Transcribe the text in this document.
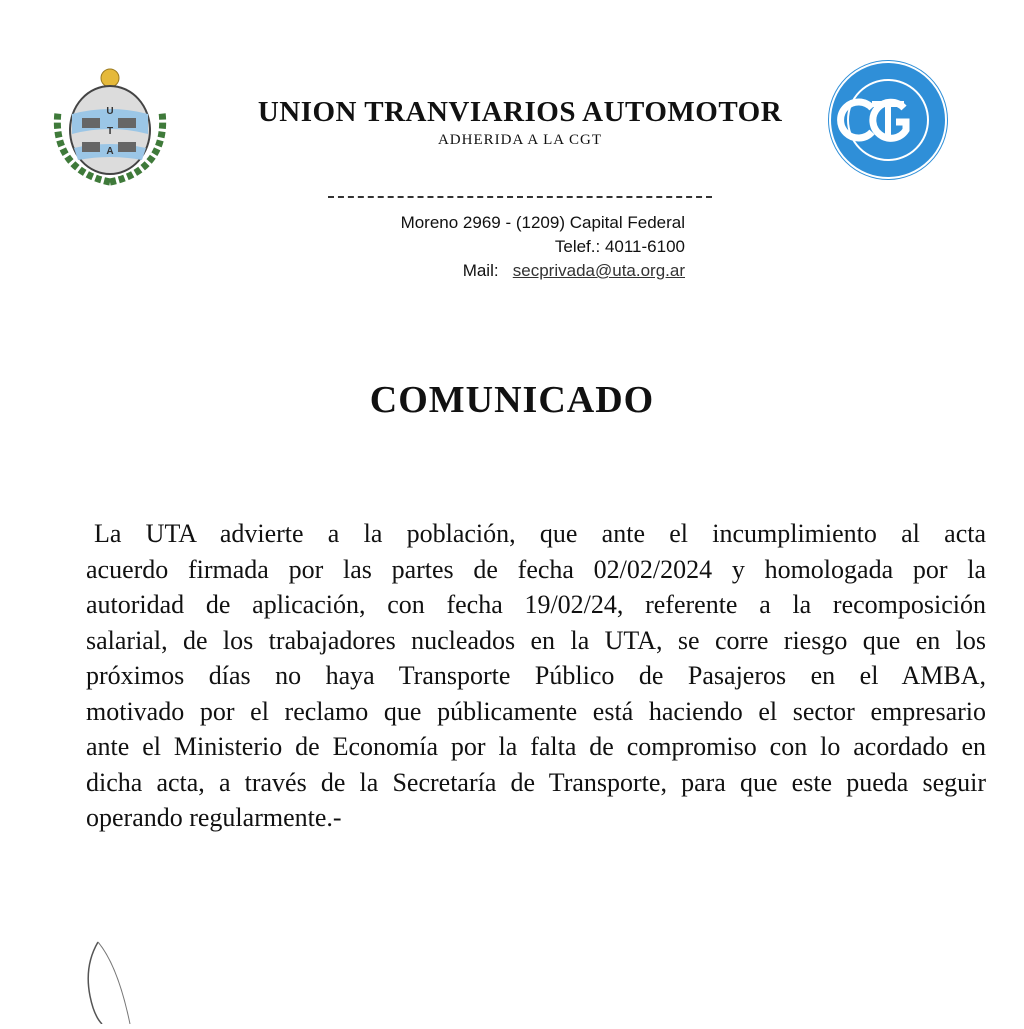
U
T
A
UNION TRANVIARIOS AUTOMOTOR
ADHERIDA A LA CGT
Moreno 2969 - (1209) Capital Federal
Telef.: 4011-6100
Mail: secprivada@uta.org.ar
COMUNICADO
La UTA advierte a la población, que ante el incumplimiento al acta
acuerdo firmada por las partes de fecha 02/02/2024 y homologada por la
autoridad de aplicación, con fecha 19/02/24, referente a la recomposición
salarial, de los trabajadores nucleados en la UTA, se corre riesgo que en los
próximos días no haya Transporte Público de Pasajeros en el AMBA,
motivado por el reclamo que públicamente está haciendo el sector empresario
ante el Ministerio de Economía por la falta de compromiso con lo acordado en
dicha acta, a través de la Secretaría de Transporte, para que este pueda seguir
operando regularmente.-
